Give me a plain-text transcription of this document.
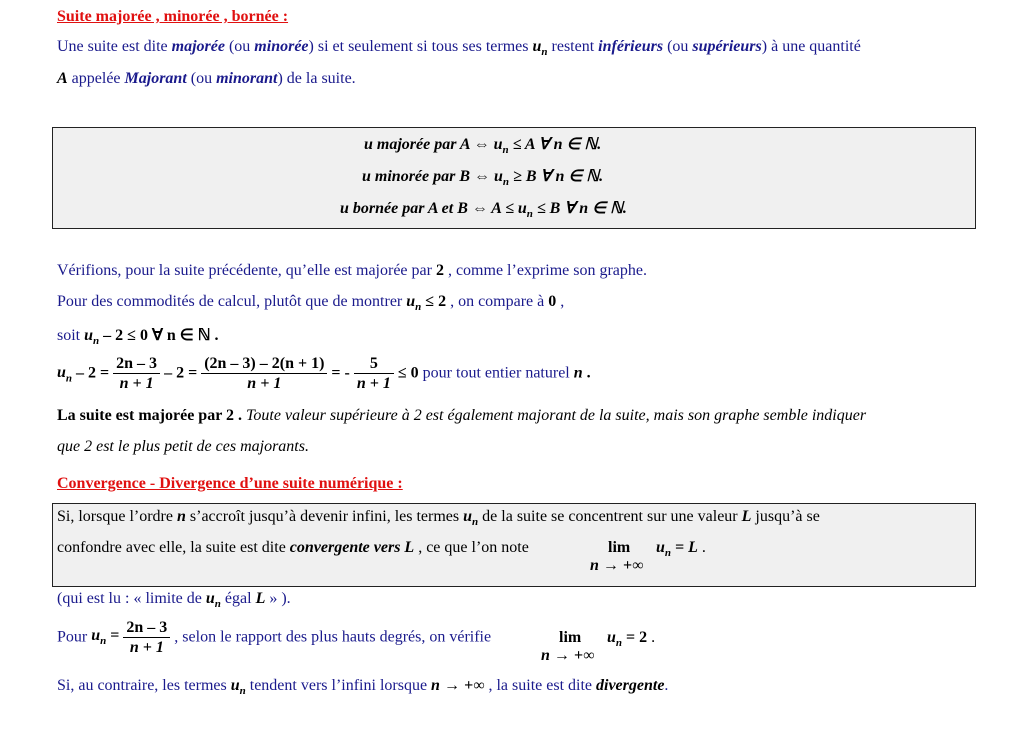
Suite majorée , minorée , bornée :
Une suite est dite majorée (ou minorée) si et seulement si tous ses termes $u_n$ restent inférieurs (ou supérieurs) à une quantité
A appelée Majorant (ou minorant) de la suite.
u majorée par A ⇔ $u_n \le A$ ∀ n ∈ ℕ.
u minorée par B ⇔ $u_n \ge B$ ∀ n ∈ ℕ.
u bornée par A et B ⇔ $A \le u_n \le B$ ∀ n ∈ ℕ.
Vérifions, pour la suite précédente, qu’elle est majorée par 2 , comme l’exprime son graphe.
Pour des commodités de calcul, plutôt que de montrer $u_n \le 2$ , on compare à 0 ,
soit $u_n - 2 \le 0$ ∀ n ∈ ℕ .
$u_n - 2 = \frac{2n - 3}{n + 1} - 2 = \frac{(2n - 3) - 2(n + 1)}{n + 1}$ = - $\frac{5}{n + 1} \le 0$ pour tout entier naturel n .
La suite est majorée par 2 . Toute valeur supérieure à 2 est également majorant de la suite, mais son graphe semble indiquer
que 2 est le plus petit de ces majorants.
Convergence - Divergence d’une suite numérique :
Si, lorsque l’ordre n s’accroît jusqu’à devenir infini, les termes $u_n$ de la suite se concentrent sur une valeur L jusqu’à se
confondre avec elle, la suite est dite convergente vers L , ce que l’on note	$\lim u_n = L$ .
n → +∞
(qui est lu : « limite de $u_n$ égal L » ).
Pour $u_n = \frac{2n - 3}{n + 1}$ , selon le rapport des plus hauts degrés, on vérifie	$\lim u_n = 2$ .
n → +∞
Si, au contraire, les termes $u_n$ tendent vers l’infini lorsque n → +∞ , la suite est dite divergente.
